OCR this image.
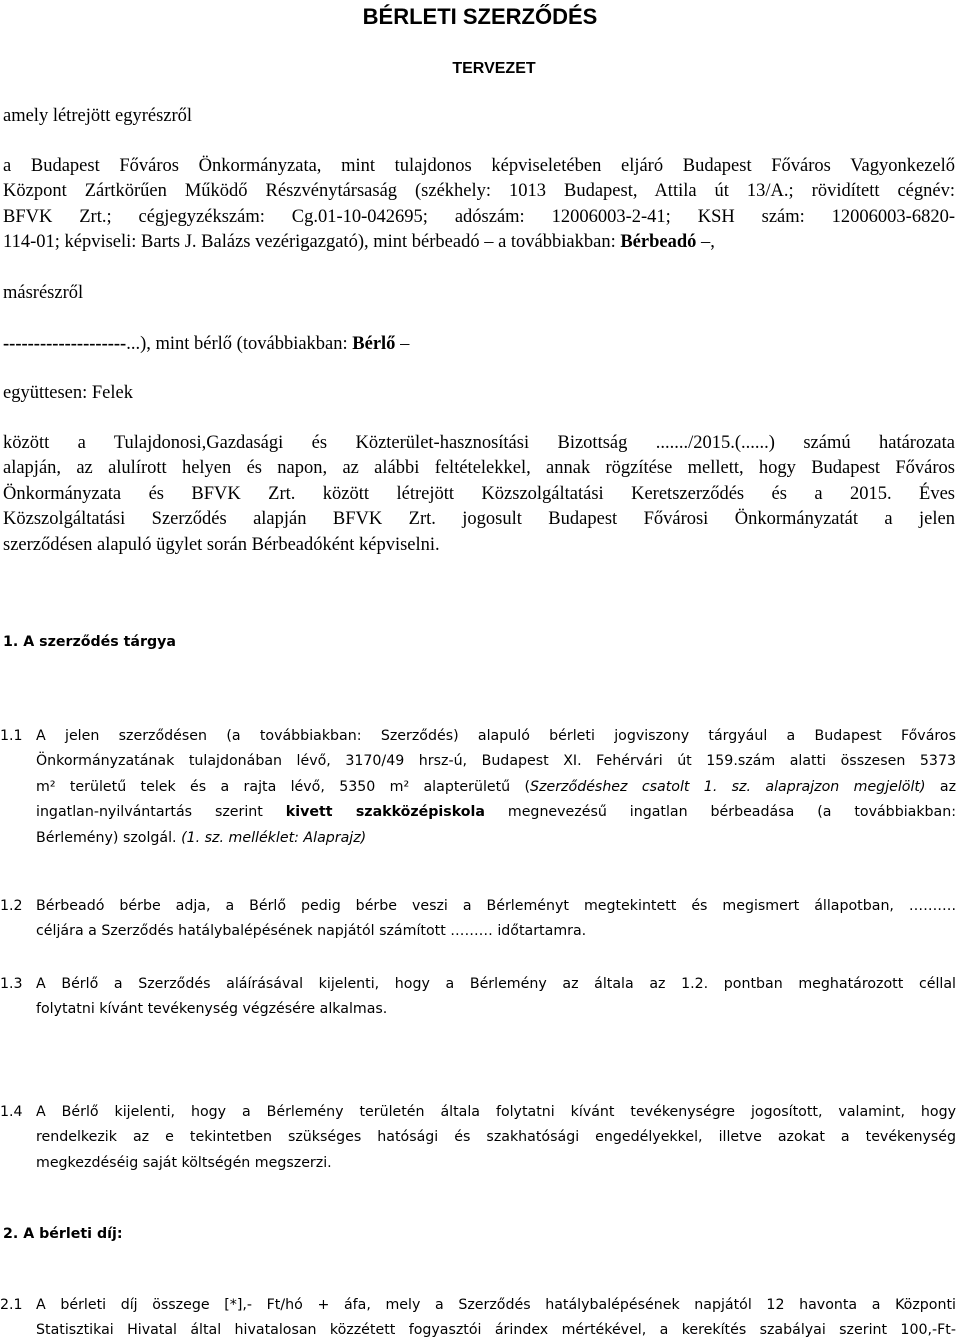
BÉRLETI SZERZŐDÉS
TERVEZET
amely létrejött egyrészről
a Budapest Főváros Önkormányzata, mint tulajdonos képviseletében eljáró Budapest Főváros Vagyonkezelő
Központ Zártkörűen Működő Részvénytársaság (székhely: 1013 Budapest, Attila út 13/A.; rövidített cégnév:
BFVK Zrt.; cégjegyzékszám: Cg.01-10-042695; adószám: 12006003-2-41; KSH szám: 12006003-6820-
114-01; képviseli: Barts J. Balázs vezérigazgató), mint bérbeadó – a továbbiakban: Bérbeadó –,
másrészről
--------------------...), mint bérlő (továbbiakban: Bérlő –
együttesen: Felek
között a Tulajdonosi,Gazdasági és Közterület-hasznosítási Bizottság ......./2015.(......) számú határozata
alapján, az alulírott helyen és napon, az alábbi feltételekkel, annak rögzítése mellett, hogy Budapest Főváros
Önkormányzata és BFVK Zrt. között létrejött Közszolgáltatási Keretszerződés és a 2015. Éves
Közszolgáltatási Szerződés alapján BFVK Zrt. jogosult Budapest Fővárosi Önkormányzatát a jelen
szerződésen alapuló ügylet során Bérbeadóként képviselni.
1. A szerződés tárgya
1.1 A jelen szerződésen (a továbbiakban: Szerződés) alapuló bérleti jogviszony tárgyául a Budapest Főváros
Önkormányzatának tulajdonában lévő, 3170/49 hrsz-ú, Budapest XI. Fehérvári út 159.szám alatti összesen 5373
m² területű telek és a rajta lévő, 5350 m² alapterületű (Szerződéshez csatolt 1. sz. alaprajzon megjelölt) az
ingatlan-nyilvántartás szerint kivett szakközépiskola megnevezésű ingatlan bérbeadása (a továbbiakban:
Bérlemény) szolgál. (1. sz. melléklet: Alaprajz)
1.2 Bérbeadó bérbe adja, a Bérlő pedig bérbe veszi a Bérleményt megtekintett és megismert állapotban, ……….
céljára a Szerződés hatálybalépésének napjától számított ……… időtartamra.
1.3 A Bérlő a Szerződés aláírásával kijelenti, hogy a Bérlemény az általa az 1.2. pontban meghatározott céllal
folytatni kívánt tevékenység végzésére alkalmas.
1.4 A Bérlő kijelenti, hogy a Bérlemény területén általa folytatni kívánt tevékenységre jogosított, valamint, hogy
rendelkezik az e tekintetben szükséges hatósági és szakhatósági engedélyekkel, illetve azokat a tevékenység
megkezdéséig saját költségén megszerzi.
2. A bérleti díj:
2.1 A bérleti díj összege [*],- Ft/hó + áfa, mely a Szerződés hatálybalépésének napjától 12 havonta a Központi
Statisztikai Hivatal által hivatalosan közzétett fogyasztói árindex mértékével, a kerekítés szabályai szerint 100,-Ft-
